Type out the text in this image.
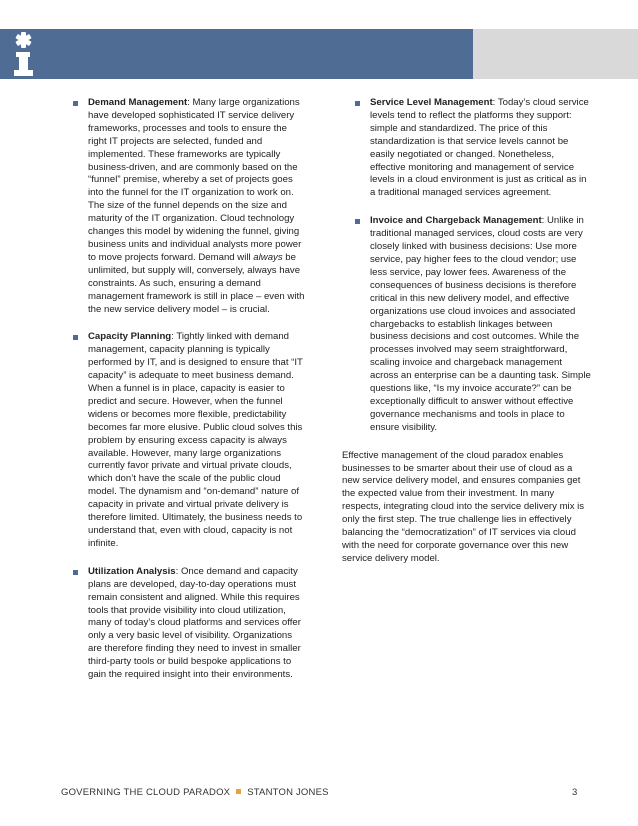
Demand Management: Many large organizations have developed sophisticated IT service delivery frameworks, processes and tools to ensure the right IT projects are selected, funded and implemented. These frameworks are typically business-driven, and are commonly based on the “funnel” premise, whereby a set of projects goes into the funnel for the IT organization to work on. The size of the funnel depends on the size and maturity of the IT organization. Cloud technology changes this model by widening the funnel, giving business units and individual analysts more power to move projects forward. Demand will always be unlimited, but supply will, conversely, always have constraints. As such, ensuring a demand management framework is still in place – even with the new service delivery model – is crucial.
Capacity Planning: Tightly linked with demand management, capacity planning is typically performed by IT, and is designed to ensure that “IT capacity” is adequate to meet business demand. When a funnel is in place, capacity is easier to predict and secure. However, when the funnel widens or becomes more flexible, predictability becomes far more elusive. Public cloud solves this problem by ensuring excess capacity is always available. However, many large organizations currently favor private and virtual private clouds, which don’t have the scale of the public cloud model. The dynamism and “on-demand” nature of capacity in private and virtual private delivery is therefore limited. Ultimately, the business needs to understand that, even with cloud, capacity is not infinite.
Utilization Analysis: Once demand and capacity plans are developed, day-to-day operations must remain consistent and aligned. While this requires tools that provide visibility into cloud utilization, many of today’s cloud platforms and services offer only a very basic level of visibility. Organizations are therefore finding they need to invest in smaller third-party tools or build bespoke applications to gain the required insight into their environments.
Service Level Management: Today’s cloud service levels tend to reflect the platforms they support: simple and standardized. The price of this standardization is that service levels cannot be easily negotiated or changed. Nonetheless, effective monitoring and management of service levels in a cloud environment is just as critical as in a traditional managed services agreement.
Invoice and Chargeback Management: Unlike in traditional managed services, cloud costs are very closely linked with business decisions: Use more service, pay higher fees to the cloud vendor; use less service, pay lower fees. Awareness of the consequences of business decisions is therefore critical in this new delivery model, and effective organizations use cloud invoices and associated chargebacks to establish linkages between business decisions and cost outcomes. While the processes involved may seem straightforward, scaling invoice and chargeback management across an enterprise can be a daunting task. Simple questions like, “Is my invoice accurate?” can be exceptionally difficult to answer without effective governance mechanisms and tools in place to ensure visibility.

Effective management of the cloud paradox enables businesses to be smarter about their use of cloud as a new service delivery model, and ensures companies get the expected value from their investment. In many respects, integrating cloud into the service delivery mix is only the first step. The true challenge lies in effectively balancing the “democratization” of IT services via cloud with the need for corporate governance over this new service delivery model.

GOVERNING THE CLOUD PARADOX STANTON JONES	3
